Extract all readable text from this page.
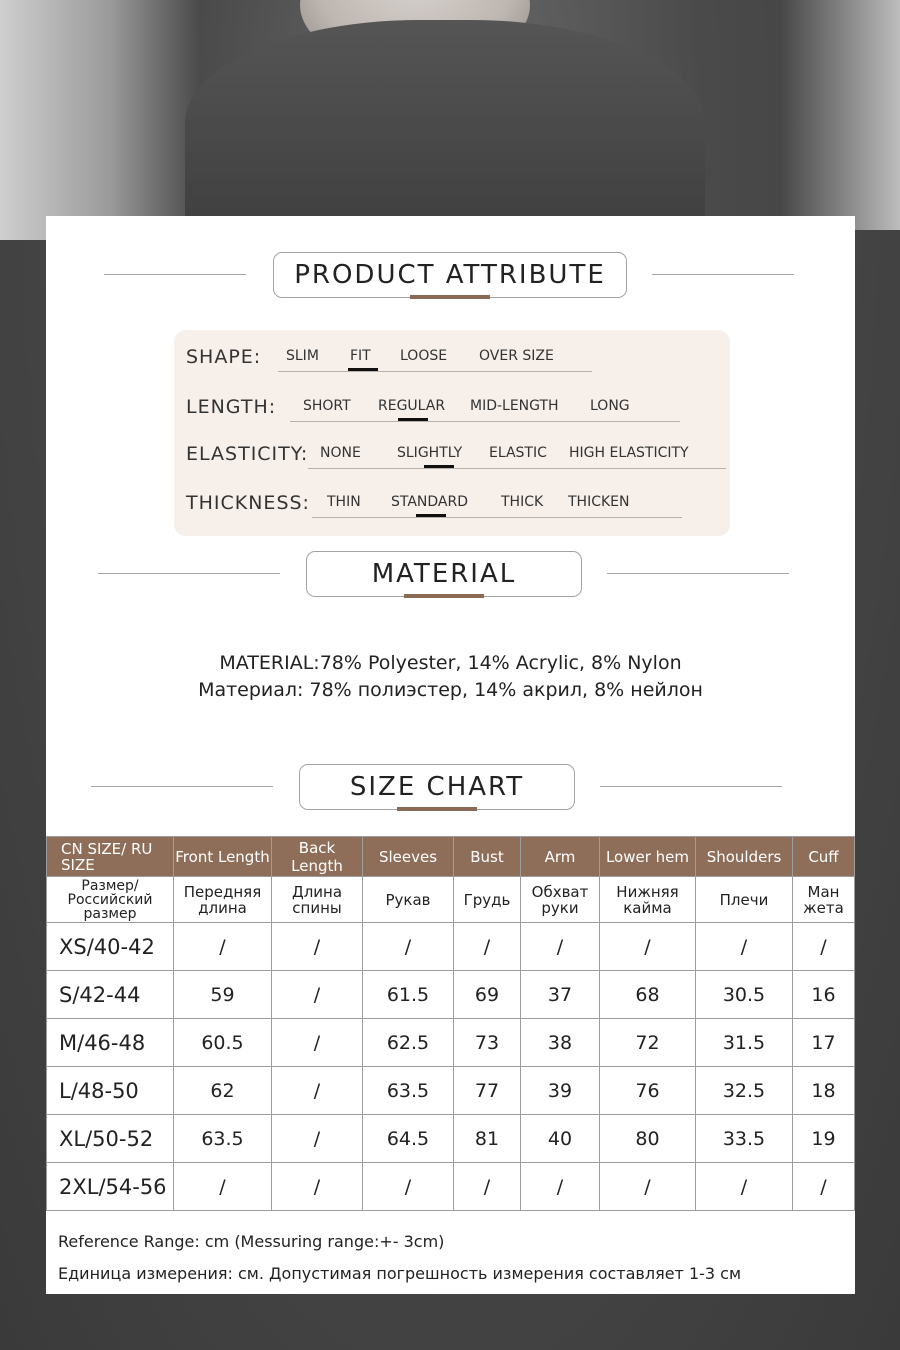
PRODUCT ATTRIBUTE
SHAPE: SLIM FIT LOOSE OVER SIZE
LENGTH: SHORT REGULAR MID-LENGTH LONG
ELASTICITY: NONE	SLIGHTLY ELASTIC HIGH ELASTICITY
THICKNESS: THIN STANDARD THICK THICKEN
MATERIAL
MATERIAL:78% Polyester, 14% Acrylic, 8% Nylon
Материал: 78% полиэстер, 14% акрил, 8% нейлон
SIZE CHART
CN SIZE/ RU SIZE	Front Length	Back Length	Sleeves	Bust	Arm	Lower hem	Shoulders	Cuff
Размер/ Российский размер	Передняя длина	Длина спины	Рукав	Грудь	Обхват руки	Нижняя кайма	Плечи	Ман жета
XS/40-42	/	/	/	/	/	/	/	/
S/42-44	59	/	61.5	69	37	68	30.5	16
M/46-48	60.5	/	62.5	73	38	72	31.5	17
L/48-50	62	/	63.5	77	39	76	32.5	18
XL/50-52	63.5	/	64.5	81	40	80	33.5	19
2XL/54-56	/	/	/	/	/	/	/	/
Reference Range: cm (Messuring range:+- 3cm)
Единица измерения: см. Допустимая погрешность измерения составляет 1-3 см
